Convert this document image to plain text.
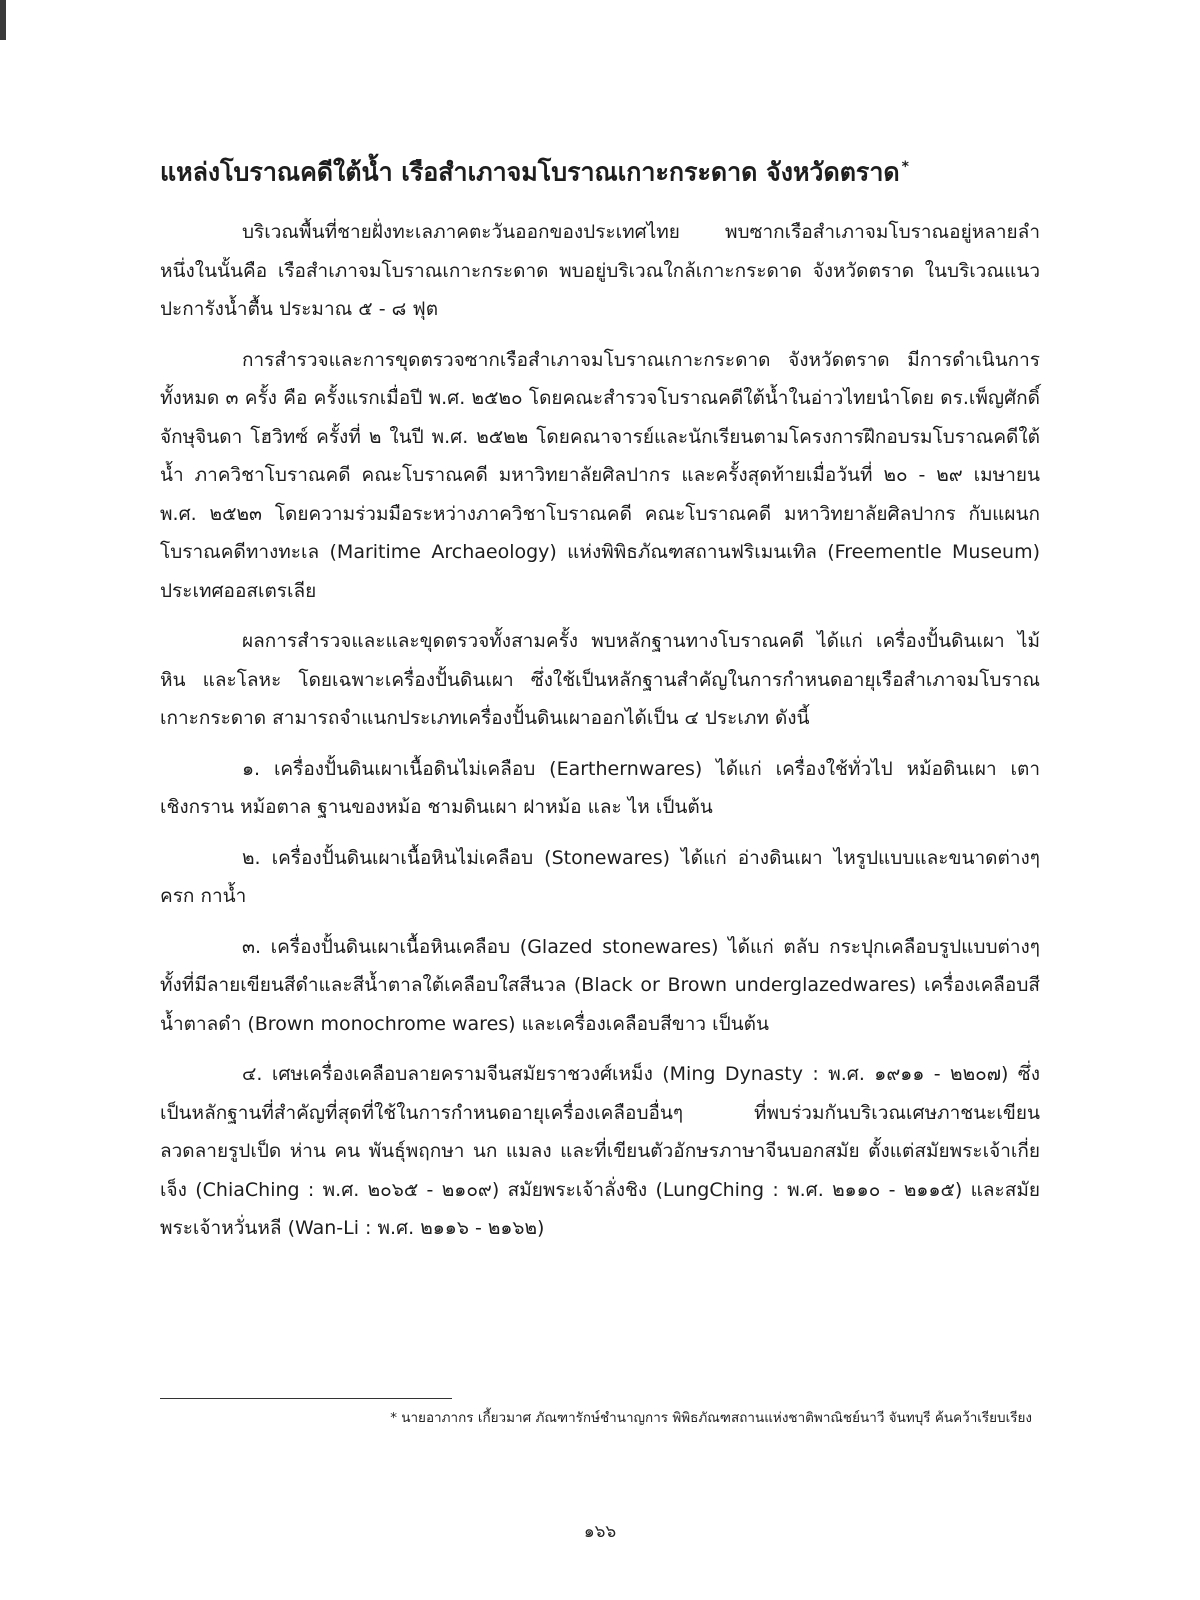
แหล่งโบราณคดีใต้น้ำ เรือสำเภาจมโบราณเกาะกระดาด จังหวัดตราด *

บริเวณพื้นที่ชายฝั่งทะเลภาคตะวันออกของประเทศไทย พบซากเรือสำเภาจมโบราณอยู่หลายลำ หนึ่งในนั้นคือ เรือสำเภาจมโบราณเกาะกระดาด พบอยู่บริเวณใกล้เกาะกระดาด จังหวัดตราด ในบริเวณแนวปะการังน้ำตื้น ประมาณ ๕ - ๘ ฟุต

การสำรวจและการขุดตรวจซากเรือสำเภาจมโบราณเกาะกระดาด จังหวัดตราด มีการดำเนินการทั้งหมด ๓ ครั้ง คือ ครั้งแรกเมื่อปี พ.ศ. ๒๕๒๐ โดยคณะสำรวจโบราณคดีใต้น้ำในอ่าวไทยนำโดย ดร.เพ็ญศักดิ์ จักษุจินดา โฮวิทซ์ ครั้งที่ ๒ ในปี พ.ศ. ๒๕๒๒ โดยคณาจารย์และนักเรียนตามโครงการฝึกอบรมโบราณคดีใต้น้ำ ภาควิชาโบราณคดี คณะโบราณคดี มหาวิทยาลัยศิลปากร และครั้งสุดท้ายเมื่อวันที่ ๒๐ - ๒๙ เมษายน พ.ศ. ๒๕๒๓ โดยความร่วมมือระหว่างภาควิชาโบราณคดี คณะโบราณคดี มหาวิทยาลัยศิลปากร กับแผนกโบราณคดีทางทะเล (Maritime Archaeology) แห่งพิพิธภัณฑสถานฟริเมนเทิล (Freementle Museum) ประเทศออสเตรเลีย

ผลการสำรวจและและขุดตรวจทั้งสามครั้ง พบหลักฐานทางโบราณคดี ได้แก่ เครื่องปั้นดินเผา ไม้ หิน และโลหะ โดยเฉพาะเครื่องปั้นดินเผา ซึ่งใช้เป็นหลักฐานสำคัญในการกำหนดอายุเรือสำเภาจมโบราณเกาะกระดาด สามารถจำแนกประเภทเครื่องปั้นดินเผาออกได้เป็น ๔ ประเภท ดังนี้

๑. เครื่องปั้นดินเผาเนื้อดินไม่เคลือบ (Earthernwares) ได้แก่ เครื่องใช้ทั่วไป หม้อดินเผา เตาเชิงกราน หม้อตาล ฐานของหม้อ ชามดินเผา ฝาหม้อ และ ไห เป็นต้น

๒. เครื่องปั้นดินเผาเนื้อหินไม่เคลือบ (Stonewares) ได้แก่ อ่างดินเผา ไหรูปแบบและขนาดต่างๆ ครก กาน้ำ

๓. เครื่องปั้นดินเผาเนื้อหินเคลือบ (Glazed stonewares) ได้แก่ ตลับ กระปุกเคลือบรูปแบบต่างๆ ทั้งที่มีลายเขียนสีดำและสีน้ำตาลใต้เคลือบใสสีนวล (Black or Brown underglazedwares) เครื่องเคลือบสีน้ำตาลดำ (Brown monochrome wares) และเครื่องเคลือบสีขาว เป็นต้น

๔. เศษเครื่องเคลือบลายครามจีนสมัยราชวงศ์เหม็ง (Ming Dynasty : พ.ศ. ๑๙๑๑ - ๒๒๐๗) ซึ่งเป็นหลักฐานที่สำคัญที่สุดที่ใช้ในการกำหนดอายุเครื่องเคลือบอื่นๆ ที่พบร่วมกันบริเวณเศษภาชนะเขียนลวดลายรูปเป็ด ห่าน คน พันธุ์พฤกษา นก แมลง และที่เขียนตัวอักษรภาษาจีนบอกสมัย ตั้งแต่สมัยพระเจ้าเกี่ยเจ็ง (ChiaChing : พ.ศ. ๒๐๖๕ - ๒๑๐๙) สมัยพระเจ้าลั่งชิง (LungChing : พ.ศ. ๒๑๑๐ - ๒๑๑๕) และสมัยพระเจ้าหวั่นหลี (Wan-Li : พ.ศ. ๒๑๑๖ - ๒๑๖๒)

* นายอาภากร เกี้ยวมาศ ภัณฑารักษ์ชำนาญการ พิพิธภัณฑสถานแห่งชาติพาณิชย์นาวี จันทบุรี ค้นคว้าเรียบเรียง
๑๖๖
